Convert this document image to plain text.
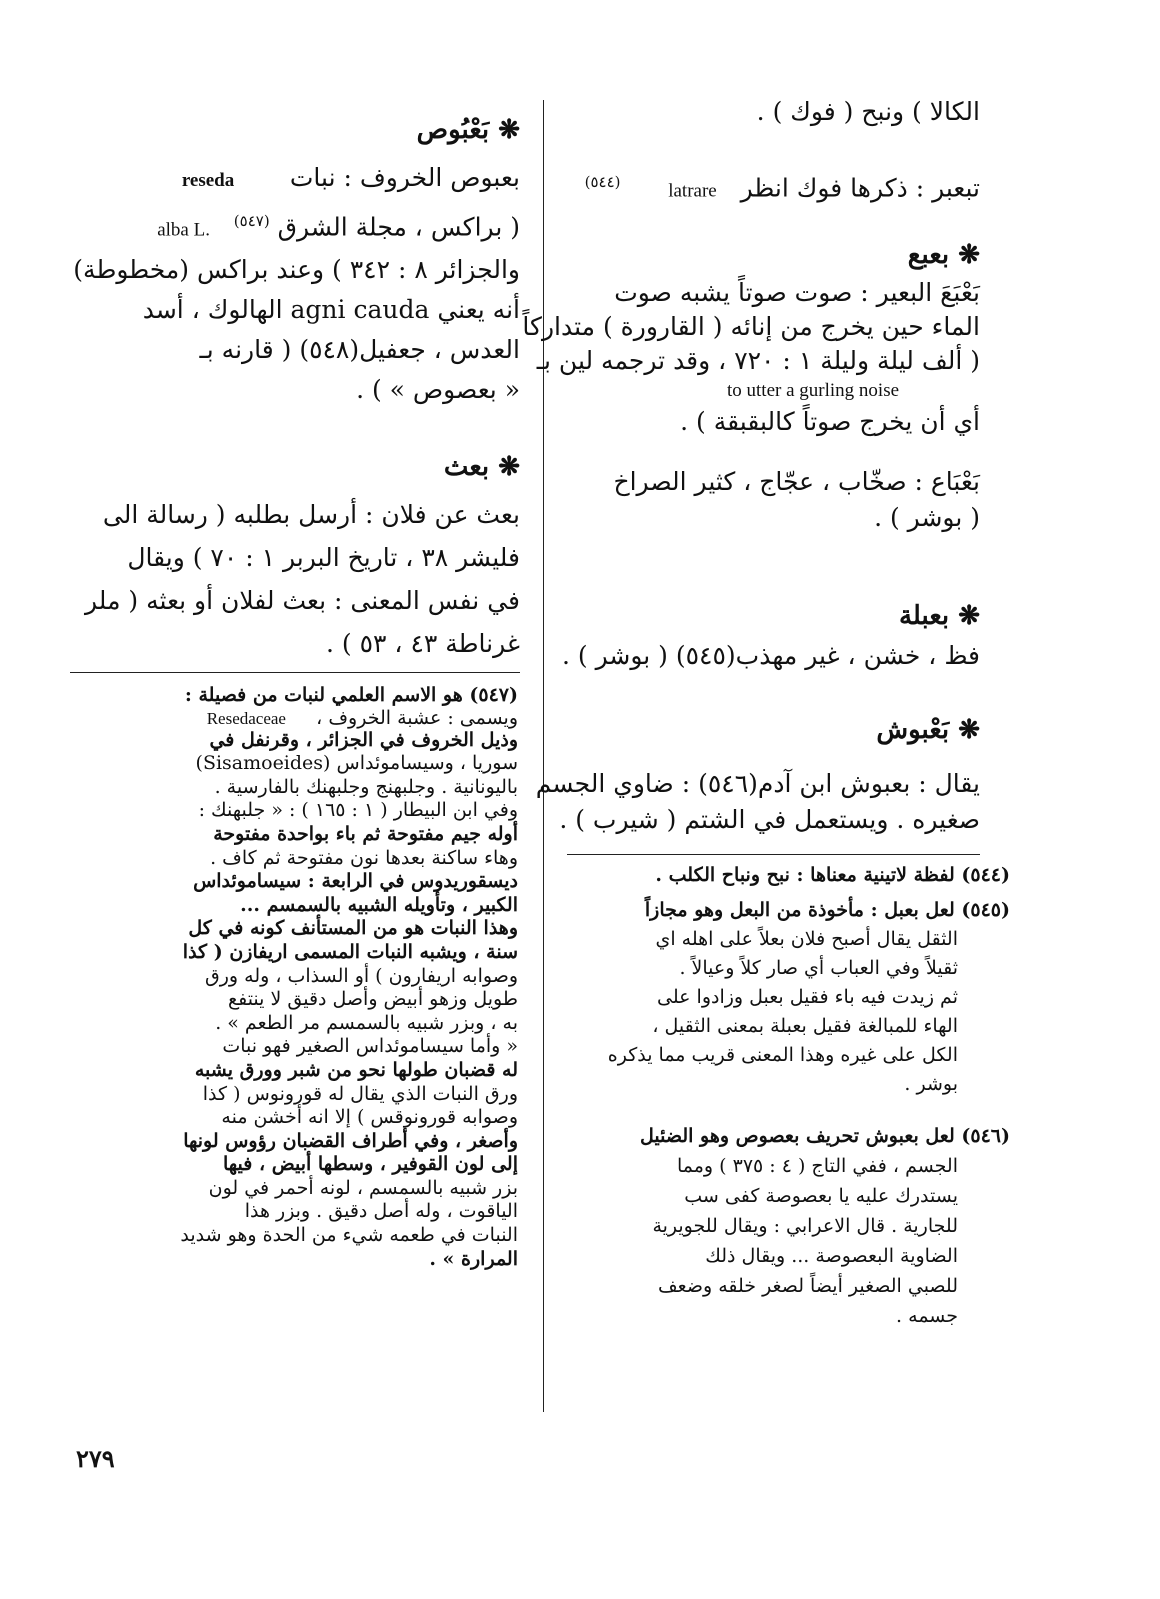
الكالا ) ونبح ( فوك ) .

تبعبر : ذكرها فوك انظر   latrare      $^{(٥٤٤)}$

❋ بعبع

بَعْبَعَ البعير : صوت صوتاً يشبه صوت

الماء حين يخرج من إنائه ( القارورة ) متداركاً

( ألف ليلة وليلة ١ : ٧٢٠ ، وقد ترجمه لين بـ

to utter a gurling noise

أي أن يخرج صوتاً كالبقبقة ) .

بَعْبَاع : صخّاب ، عجّاج ، كثير الصراخ

( بوشر ) .

❋ بعبلة

فظ ، خشن ، غير مهذب(٥٤٥) ( بوشر ) .

❋ بَعْبوش

يقال : بعبوش ابن آدم(٥٤٦) : ضاوي الجسم

صغيره . ويستعمل في الشتم ( شيرب ) .

(٥٤٤) لفظة لاتينية معناها : نبح ونباح الكلب .

(٥٤٥) لعل بعبل : مأخوذة من البعل وهو مجازاً

الثقل يقال أصبح فلان بعلاً على اهله اي

ثقيلاً وفي العباب أي صار كلاً وعيالاً .

ثم زيدت فيه باء فقيل بعبل وزادوا على

الهاء للمبالغة فقيل بعبلة بمعنى الثقيل ،

الكل على غيره وهذا المعنى قريب مما يذكره

بوشر .

(٥٤٦) لعل بعبوش تحريف بعصوص وهو الضئيل

الجسم ، ففي التاج ( ٤ : ٣٧٥ ) ومما

يستدرك عليه يا بعصوصة كفى سب

للجارية . قال الاعرابي : ويقال للجويرية

الضاوية البعصوصة ... ويقال ذلك

للصبي الصغير أيضاً لصغر خلقه وضعف

جسمه .

❋ بَعْبُوص

بعبوص الخروف : نبات       reseda

( براكس ، مجلة الشرق $^{(٥٤٧)}$   alba L.

والجزائر ٨ : ٣٤٢ ) وعند براكس (مخطوطة)

أنه يعني agni cauda الهالوك ، أسد

العدس ، جعفيل(٥٤٨) ( قارنه بـ

« بعصوص » ) .

❋ بعث

بعث عن فلان : أرسل بطلبه ( رسالة الى

فليشر ٣٨ ، تاريخ البربر ١ : ٧٠ ) ويقال

في نفس المعنى : بعث لفلان أو بعثه ( ملر

غرناطة ٤٣ ، ٥٣ ) .

(٥٤٧) هو الاسم العلمي لنبات من فصيلة :

ويسمى : عشبة الخروف ،     Resedaceae

وذيل الخروف في الجزائر ، وقرنفل في

سوريا ، وسيساموئداس (Sisamoeides)

باليونانية . وجلبهنج وجلبهنك بالفارسية .

وفي ابن البيطار ( ١ : ١٦٥ ) : « جلبهنك :

أوله جيم مفتوحة ثم باء بواحدة مفتوحة

وهاء ساكنة بعدها نون مفتوحة ثم كاف .

ديسقوريدوس في الرابعة : سيساموئداس

الكبير ، وتأويله الشبيه بالسمسم ...

وهذا النبات هو من المستأنف كونه في كل

سنة ، ويشبه النبات المسمى اريفازن ( كذا

وصوابه اريفارون ) أو السذاب ، وله ورق

طويل وزهو أبيض وأصل دقيق لا ينتفع

به ، وبزر شبيه بالسمسم مر الطعم » .

« وأما سيساموئداس الصغير فهو نبات

له قضبان طولها نحو من شبر وورق يشبه

ورق النبات الذي يقال له قورونوس ( كذا

وصوابه قورونوقس ) إلا انه أخشن منه

وأصغر ، وفي أطراف القضبان رؤوس لونها

إلى لون القوفير ، وسطها أبيض ، فيها

بزر شبيه بالسمسم ، لونه أحمر في لون

الياقوت ، وله أصل دقيق . وبزر هذا

النبات في طعمه شيء من الحدة وهو شديد

المرارة » .

٢٧٩
